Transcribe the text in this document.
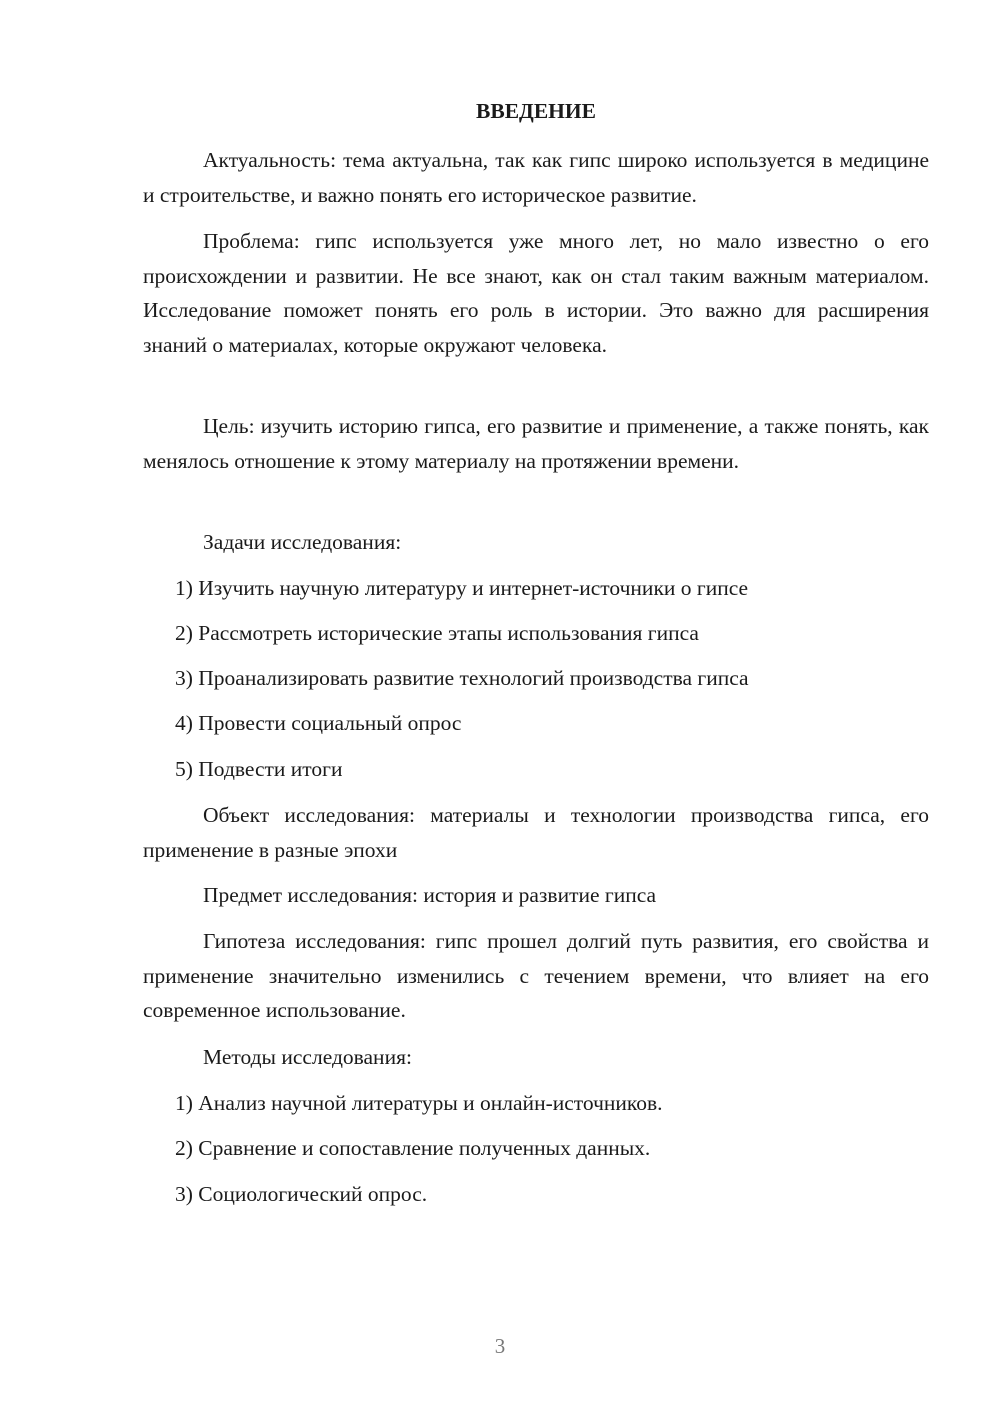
ВВЕДЕНИЕ

Актуальность: тема актуальна, так как гипс широко используется в медицине и строительстве, и важно понять его историческое развитие.

Проблема: гипс используется уже много лет, но мало известно о его происхождении и развитии. Не все знают, как он стал таким важным материалом. Исследование поможет понять его роль в истории. Это важно для расширения знаний о материалах, которые окружают человека.

Цель: изучить историю гипса, его развитие и применение, а также понять, как менялось отношение к этому материалу на протяжении времени.

Задачи исследования:

1) Изучить научную литературу и интернет-источники о гипсе

2) Рассмотреть исторические этапы использования гипса

3) Проанализировать развитие технологий производства гипса

4) Провести социальный опрос

5) Подвести итоги

Объект исследования: материалы и технологии производства гипса, его применение в разные эпохи

Предмет исследования: история и развитие гипса

Гипотеза исследования: гипс прошел долгий путь развития, его свойства и применение значительно изменились с течением времени, что влияет на его современное использование.

Методы исследования:

1) Анализ научной литературы и онлайн-источников.

2) Сравнение и сопоставление полученных данных.

3) Социологический опрос.

3
